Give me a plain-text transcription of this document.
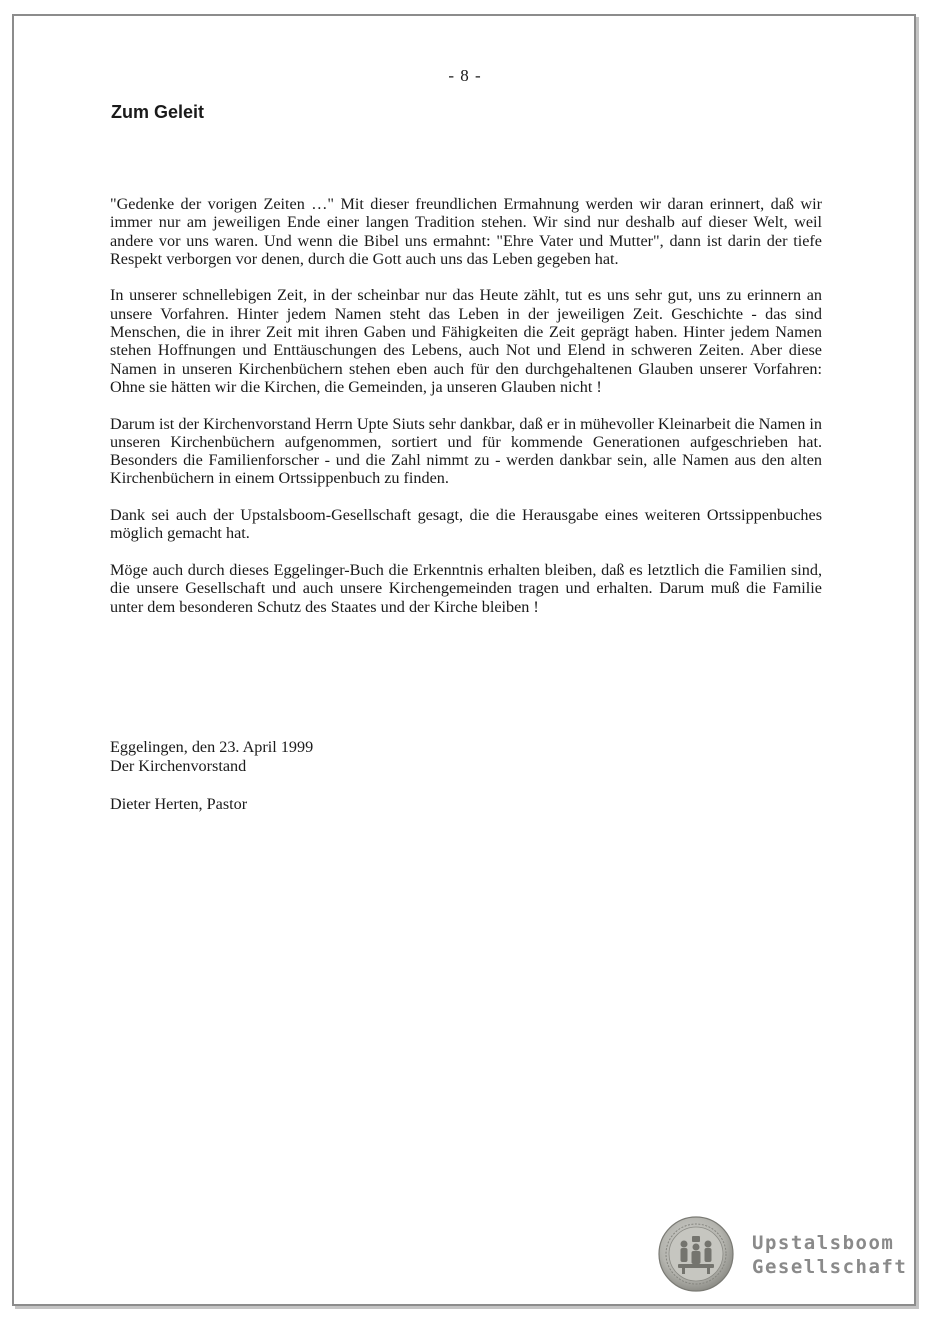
- 8 -
Zum Geleit

"Gedenke der vorigen Zeiten …" Mit dieser freundlichen Ermahnung werden wir daran erinnert, daß wir immer nur am jeweiligen Ende einer langen Tradition stehen. Wir sind nur deshalb auf dieser Welt, weil andere vor uns waren. Und wenn die Bibel uns ermahnt: "Ehre Vater und Mutter", dann ist darin der tiefe Respekt verborgen vor denen, durch die Gott auch uns das Leben gegeben hat.

In unserer schnellebigen Zeit, in der scheinbar nur das Heute zählt, tut es uns sehr gut, uns zu erinnern an unsere Vorfahren. Hinter jedem Namen steht das Leben in der jeweiligen Zeit. Geschichte - das sind Menschen, die in ihrer Zeit mit ihren Gaben und Fähigkeiten die Zeit geprägt haben. Hinter jedem Namen stehen Hoffnungen und Enttäuschungen des Lebens, auch Not und Elend in schweren Zeiten. Aber diese Namen in unseren Kirchenbüchern stehen eben auch für den durchgehaltenen Glauben unserer Vorfahren: Ohne sie hätten wir die Kirchen, die Gemeinden, ja unseren Glauben nicht !

Darum ist der Kirchenvorstand Herrn Upte Siuts sehr dankbar, daß er in mühevoller Kleinarbeit die Namen in unseren Kirchenbüchern aufgenommen, sortiert und für kommende Generationen aufgeschrieben hat. Besonders die Familienforscher - und die Zahl nimmt zu - werden dankbar sein, alle Namen aus den alten Kirchenbüchern in einem Ortssippenbuch zu finden.

Dank sei auch der Upstalsboom-Gesellschaft gesagt, die die Herausgabe eines weiteren Ortssippenbuches möglich gemacht hat.

Möge auch durch dieses Eggelinger-Buch die Erkenntnis erhalten bleiben, daß es letztlich die Familien sind, die unsere Gesellschaft und auch unsere Kirchengemeinden tragen und erhalten. Darum muß die Familie unter dem besonderen Schutz des Staates und der Kirche bleiben !

Eggelingen, den 23. April 1999
Der Kirchenvorstand
Dieter Herten, Pastor
Upstalsboom
Gesellschaft
